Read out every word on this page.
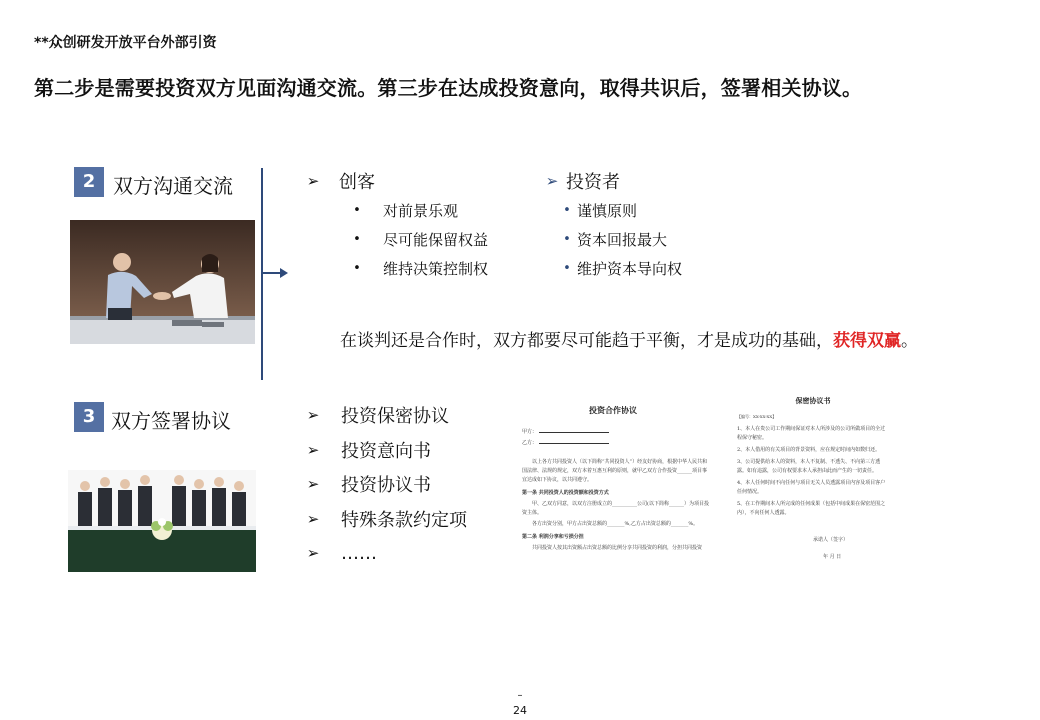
**众创研发开放平台外部引资
第二步是需要投资双方见面沟通交流。第三步在达成投资意向，取得共识后，签署相关协议。
2 双方沟通交流	➢ 创客
•	对前景乐观
•	尽可能保留权益
•	维持决策控制权
➢ 投资者
• 谨慎原则
• 资本回报最大
• 维护资本导向权
在谈判还是合作时，双方都要尽可能趋于平衡，才是成功的基础，获得双赢。
3 双方签署协议	➢ 投资保密协议
➢ 投资意向书
➢ 投资协议书
➢ 特殊条款约定项
➢ ……
投资合作协议
甲方：
乙方：
以上各方共同投资人（以下简称“共同投资人”）经友好协商，根据中华人民共和国法律、法规的规定，双方本着互惠互利的原则，就甲乙双方合作投资______项目事宜达成如下协议，以共同遵守。
第一条 共同投资人的投资额和投资方式
甲、乙双方同意，以双方注册成立的__________公司(以下简称______）为项目投资主体。
各方出资分别，甲方占出资总额的_______%,乙方占出资总额的_______%。
第二条 利润分享和亏损分担
共同投资人按其出资额占出资总额的比例分享共同投资的利润，分担共同投资
保密协议书
【编号：XX-XX-XX】
1、本人在贵公司工作期间保证对本人所涉及的公司所做项目的全过程保守秘密。
2、本人借用的有关项目的背景资料，应在规定时间内如数归还。
3、公司提供给本人的资料，本人不复制、不透失、不向第三方透露。如有违露，公司有权要求本人承担由此而产生的一切责任。
4、本人任何时间不向任何与项目无关人员透露项目内容及项目客户任何情况。
5、在工作期间本人所完成的任何成果（包括中间成果在保密范围之内），不向任何人透露。
承诺人（签字）
年 月 日
–
24
